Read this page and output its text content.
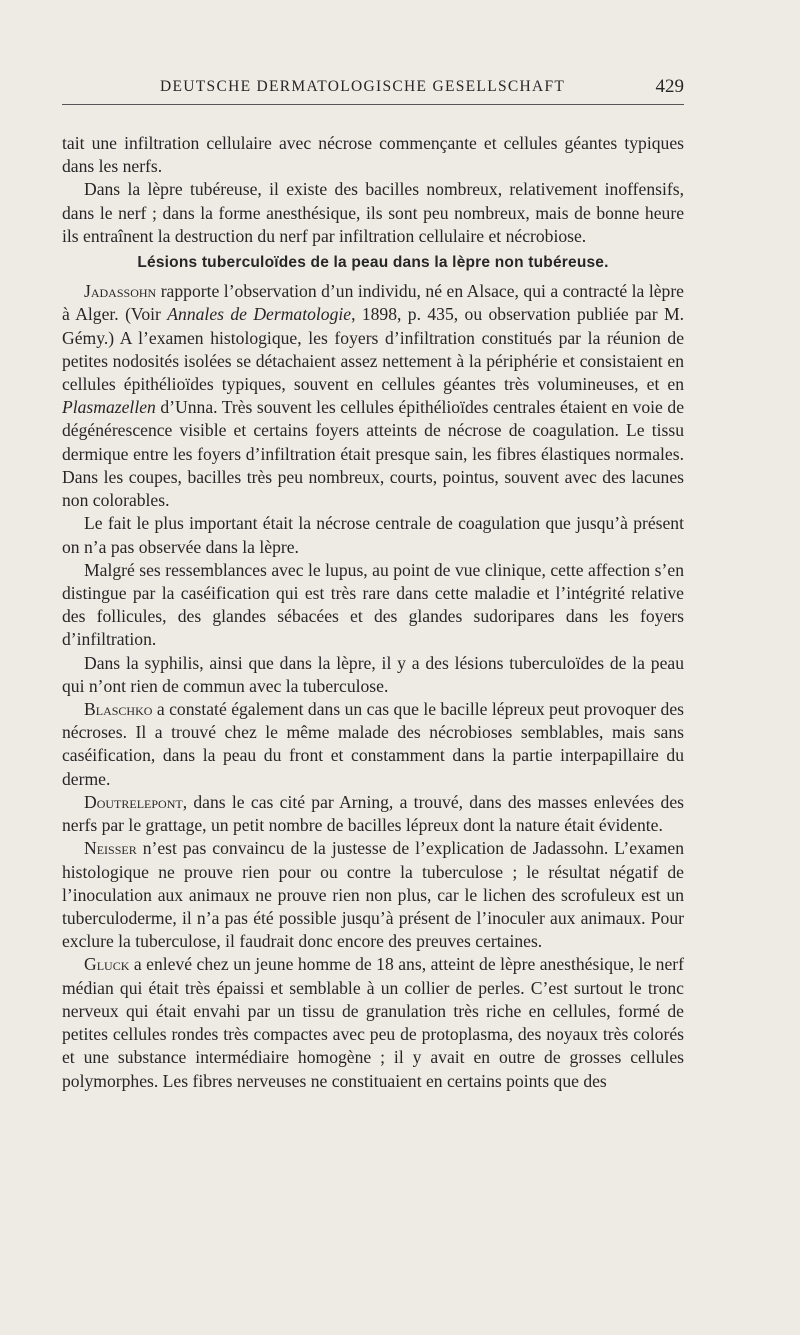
DEUTSCHE DERMATOLOGISCHE GESELLSCHAFT	429

tait une infiltration cellulaire avec nécrose commençante et cellules géantes typiques dans les nerfs.

Dans la lèpre tubéreuse, il existe des bacilles nombreux, relativement inoffensifs, dans le nerf ; dans la forme anesthésique, ils sont peu nombreux, mais de bonne heure ils entraînent la destruction du nerf par infiltration cellulaire et nécrobiose.

Lésions tuberculoïdes de la peau dans la lèpre non tubéreuse.

Jadassohn rapporte l’observation d’un individu, né en Alsace, qui a contracté la lèpre à Alger. (Voir Annales de Dermatologie, 1898, p. 435, ou observation publiée par M. Gémy.) A l’examen histologique, les foyers d’infiltration constitués par la réunion de petites nodosités isolées se détachaient assez nettement à la périphérie et consistaient en cellules épithélioïdes typiques, souvent en cellules géantes très volumineuses, et en Plasmazellen d’Unna. Très souvent les cellules épithélioïdes centrales étaient en voie de dégénérescence visible et certains foyers atteints de nécrose de coagulation. Le tissu dermique entre les foyers d’infiltration était presque sain, les fibres élastiques normales. Dans les coupes, bacilles très peu nombreux, courts, pointus, souvent avec des lacunes non colorables.

Le fait le plus important était la nécrose centrale de coagulation que jusqu’à présent on n’a pas observée dans la lèpre.

Malgré ses ressemblances avec le lupus, au point de vue clinique, cette affection s’en distingue par la caséification qui est très rare dans cette maladie et l’intégrité relative des follicules, des glandes sébacées et des glandes sudoripares dans les foyers d’infiltration.

Dans la syphilis, ainsi que dans la lèpre, il y a des lésions tuberculoïdes de la peau qui n’ont rien de commun avec la tuberculose.

Blaschko a constaté également dans un cas que le bacille lépreux peut provoquer des nécroses. Il a trouvé chez le même malade des nécrobioses semblables, mais sans caséification, dans la peau du front et constamment dans la partie interpapillaire du derme.

Doutrelepont, dans le cas cité par Arning, a trouvé, dans des masses enlevées des nerfs par le grattage, un petit nombre de bacilles lépreux dont la nature était évidente.

Neisser n’est pas convaincu de la justesse de l’explication de Jadassohn. L’examen histologique ne prouve rien pour ou contre la tuberculose ; le résultat négatif de l’inoculation aux animaux ne prouve rien non plus, car le lichen des scrofuleux est un tuberculoderme, il n’a pas été possible jusqu’à présent de l’inoculer aux animaux. Pour exclure la tuberculose, il faudrait donc encore des preuves certaines.

Gluck a enlevé chez un jeune homme de 18 ans, atteint de lèpre anesthésique, le nerf médian qui était très épaissi et semblable à un collier de perles. C’est surtout le tronc nerveux qui était envahi par un tissu de granulation très riche en cellules, formé de petites cellules rondes très compactes avec peu de protoplasma, des noyaux très colorés et une substance intermédiaire homogène ; il y avait en outre de grosses cellules polymorphes. Les fibres nerveuses ne constituaient en certains points que des
